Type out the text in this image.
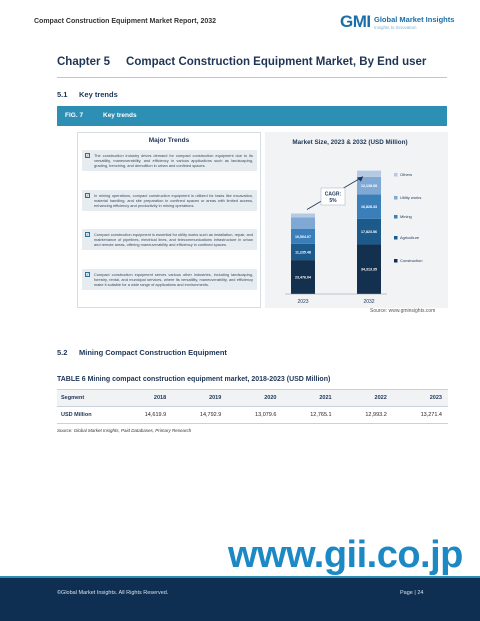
Compact Construction Equipment Market Report, 2032	GMI Global Market Insights
Insights to Innovation
Chapter 5 Compact Construction Equipment Market, By End user
5.1 Key trends
FIG. 7	Key trends
Major Trends
✓ The construction industry drives demand for compact construction equipment due to its versatility, maneuverability, and efficiency in various applications such as landscaping, grading, trenching, and demolition in urban and confined spaces.
✓ In mining operations, compact construction equipment is utilized for tasks like excavation, material handling, and site preparation in confined spaces or areas with limited access, enhancing efficiency and productivity in mining operations.
✓ Compact construction equipment is essential for utility works such as installation, repair, and maintenance of pipelines, electrical lines, and telecommunications infrastructure in urban and remote areas, offering maneuverability and efficiency in confined spaces.
✓ Compact construction equipment serves various other industries, including landscaping, forestry, rental, and municipal services, where its versatility, maneuverability, and efficiency make it suitable for a wide range of applications and environments.
Market Size, 2023 & 2032 (USD Million)
23,476.04
11,235.48
10,504.07
2023
34,313.35
17,823.56
16,828.33
12,138.68
2032
CAGR:
5%
Others
Utility works
Mining
Agriculture
Construction
Source: www.gminsights.com
5.2 Mining Compact Construction Equipment
TABLE 6 Mining compact construction equipment market, 2018-2023 (USD Million)
Segment	2018	2019	2020	2021	2022	2023
USD Million	14,619.9	14,792.9	13,079.6	12,765.1	12,993.2	13,271.4
Source: Global Market Insights, Paid Databases, Primary Research
www.gii.co.jp
©Global Market Insights. All Rights Reserved.	Page | 24
